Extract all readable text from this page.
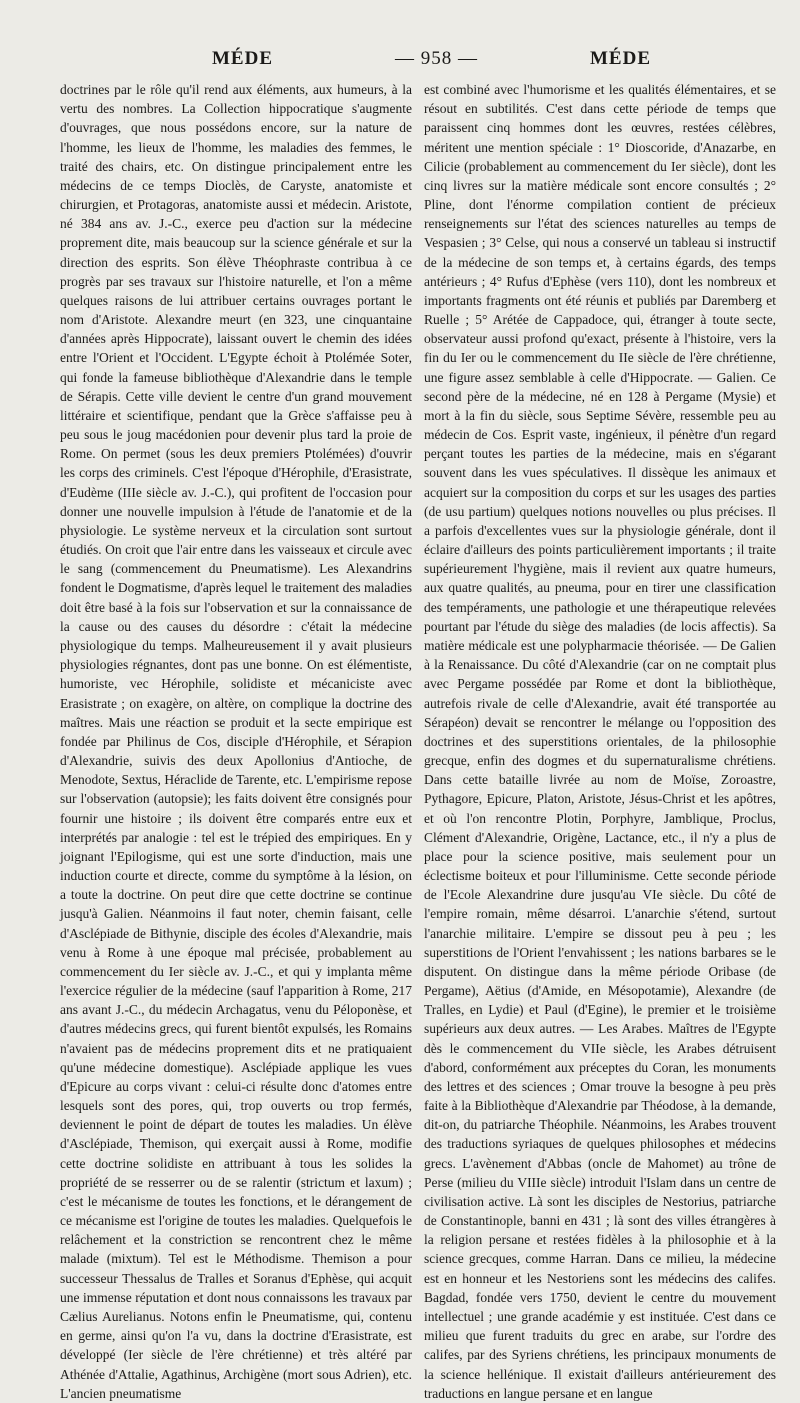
MÉDE	— 958 —	MÉDE

doctrines par le rôle qu'il rend aux éléments, aux humeurs, à la vertu des nombres. La Collection hippocratique s'augmente d'ouvrages, que nous possédons encore, sur la nature de l'homme, les lieux de l'homme, les maladies des femmes, le traité des chairs, etc. On distingue principalement entre les médecins de ce temps Dioclès, de Caryste, anatomiste et chirurgien, et Protagoras, anatomiste aussi et médecin. Aristote, né 384 ans av. J.-C., exerce peu d'action sur la médecine proprement dite, mais beaucoup sur la science générale et sur la direction des esprits. Son élève Théophraste contribua à ce progrès par ses travaux sur l'histoire naturelle, et l'on a même quelques raisons de lui attribuer certains ouvrages portant le nom d'Aristote. Alexandre meurt (en 323, une cinquantaine d'années après Hippocrate), laissant ouvert le chemin des idées entre l'Orient et l'Occident. L'Egypte échoit à Ptolémée Soter, qui fonde la fameuse bibliothèque d'Alexandrie dans le temple de Sérapis. Cette ville devient le centre d'un grand mouvement littéraire et scientifique, pendant que la Grèce s'affaisse peu à peu sous le joug macédonien pour devenir plus tard la proie de Rome. On permet (sous les deux premiers Ptolémées) d'ouvrir les corps des criminels. C'est l'époque d'Hérophile, d'Erasistrate, d'Eudème (IIIe siècle av. J.-C.), qui profitent de l'occasion pour donner une nouvelle impulsion à l'étude de l'anatomie et de la physiologie. Le système nerveux et la circulation sont surtout étudiés. On croit que l'air entre dans les vaisseaux et circule avec le sang (commencement du Pneumatisme). Les Alexandrins fondent le Dogmatisme, d'après lequel le traitement des maladies doit être basé à la fois sur l'observation et sur la connaissance de la cause ou des causes du désordre : c'était la médecine physiologique du temps. Malheureusement il y avait plusieurs physiologies régnantes, dont pas une bonne. On est élémentiste, humoriste, vec Hérophile, solidiste et mécaniciste avec Erasistrate ; on exagère, on altère, on complique la doctrine des maîtres. Mais une réaction se produit et la secte empirique est fondée par Philinus de Cos, disciple d'Hérophile, et Sérapion d'Alexandrie, suivis des deux Apollonius d'Antioche, de Menodote, Sextus, Héraclide de Tarente, etc. L'empirisme repose sur l'observation (autopsie); les faits doivent être consignés pour fournir une histoire ; ils doivent être comparés entre eux et interprétés par analogie : tel est le trépied des empiriques. En y joignant l'Epilogisme, qui est une sorte d'induction, mais une induction courte et directe, comme du symptôme à la lésion, on a toute la doctrine. On peut dire que cette doctrine se continue jusqu'à Galien. Néanmoins il faut noter, chemin faisant, celle d'Asclépiade de Bithynie, disciple des écoles d'Alexandrie, mais venu à Rome à une époque mal précisée, probablement au commencement du Ier siècle av. J.-C., et qui y implanta même l'exercice régulier de la médecine (sauf l'apparition à Rome, 217 ans avant J.-C., du médecin Archagatus, venu du Péloponèse, et d'autres médecins grecs, qui furent bientôt expulsés, les Romains n'avaient pas de médecins proprement dits et ne pratiquaient qu'une médecine domestique). Asclépiade applique les vues d'Epicure au corps vivant : celui-ci résulte donc d'atomes entre lesquels sont des pores, qui, trop ouverts ou trop fermés, deviennent le point de départ de toutes les maladies. Un élève d'Asclépiade, Themison, qui exerçait aussi à Rome, modifie cette doctrine solidiste en attribuant à tous les solides la propriété de se resserrer ou de se ralentir (strictum et laxum) ; c'est le mécanisme de toutes les fonctions, et le dérangement de ce mécanisme est l'origine de toutes les maladies. Quelquefois le relâchement et la constriction se rencontrent chez le même malade (mixtum). Tel est le Méthodisme. Themison a pour successeur Thessalus de Tralles et Soranus d'Ephèse, qui acquit une immense réputation et dont nous connaissons les travaux par Cælius Aurelianus. Notons enfin le Pneumatisme, qui, contenu en germe, ainsi qu'on l'a vu, dans la doctrine d'Erasistrate, est développé (Ier siècle de l'ère chrétienne) et très altéré par Athénée d'Attalie, Agathinus, Archigène (mort sous Adrien), etc. L'ancien pneumatisme

est combiné avec l'humorisme et les qualités élémentaires, et se résout en subtilités. C'est dans cette période de temps que paraissent cinq hommes dont les œuvres, restées célèbres, méritent une mention spéciale : 1° Dioscoride, d'Anazarbe, en Cilicie (probablement au commencement du Ier siècle), dont les cinq livres sur la matière médicale sont encore consultés ; 2° Pline, dont l'énorme compilation contient de précieux renseignements sur l'état des sciences naturelles au temps de Vespasien ; 3° Celse, qui nous a conservé un tableau si instructif de la médecine de son temps et, à certains égards, des temps antérieurs ; 4° Rufus d'Ephèse (vers 110), dont les nombreux et importants fragments ont été réunis et publiés par Daremberg et Ruelle ; 5° Arétée de Cappadoce, qui, étranger à toute secte, observateur aussi profond qu'exact, présente à l'histoire, vers la fin du Ier ou le commencement du IIe siècle de l'ère chrétienne, une figure assez semblable à celle d'Hippocrate. — Galien. Ce second père de la médecine, né en 128 à Pergame (Mysie) et mort à la fin du siècle, sous Septime Sévère, ressemble peu au médecin de Cos. Esprit vaste, ingénieux, il pénètre d'un regard perçant toutes les parties de la médecine, mais en s'égarant souvent dans les vues spéculatives. Il dissèque les animaux et acquiert sur la composition du corps et sur les usages des parties (de usu partium) quelques notions nouvelles ou plus précises. Il a parfois d'excellentes vues sur la physiologie générale, dont il éclaire d'ailleurs des points particulièrement importants ; il traite supérieurement l'hygiène, mais il revient aux quatre humeurs, aux quatre qualités, au pneuma, pour en tirer une classification des tempéraments, une pathologie et une thérapeutique relevées pourtant par l'étude du siège des maladies (de locis affectis). Sa matière médicale est une polypharmacie théorisée. — De Galien à la Renaissance. Du côté d'Alexandrie (car on ne comptait plus avec Pergame possédée par Rome et dont la bibliothèque, autrefois rivale de celle d'Alexandrie, avait été transportée au Sérapéon) devait se rencontrer le mélange ou l'opposition des doctrines et des superstitions orientales, de la philosophie grecque, enfin des dogmes et du supernaturalisme chrétiens. Dans cette bataille livrée au nom de Moïse, Zoroastre, Pythagore, Epicure, Platon, Aristote, Jésus-Christ et les apôtres, et où l'on rencontre Plotin, Porphyre, Jamblique, Proclus, Clément d'Alexandrie, Origène, Lactance, etc., il n'y a plus de place pour la science positive, mais seulement pour un éclectisme boiteux et pour l'illuminisme. Cette seconde période de l'Ecole Alexandrine dure jusqu'au VIe siècle. Du côté de l'empire romain, même désarroi. L'anarchie s'étend, surtout l'anarchie militaire. L'empire se dissout peu à peu ; les superstitions de l'Orient l'envahissent ; les nations barbares se le disputent. On distingue dans la même période Oribase (de Pergame), Aëtius (d'Amide, en Mésopotamie), Alexandre (de Tralles, en Lydie) et Paul (d'Egine), le premier et le troisième supérieurs aux deux autres. — Les Arabes. Maîtres de l'Egypte dès le commencement du VIIe siècle, les Arabes détruisent d'abord, conformément aux préceptes du Coran, les monuments des lettres et des sciences ; Omar trouve la besogne à peu près faite à la Bibliothèque d'Alexandrie par Théodose, à la demande, dit-on, du patriarche Théophile. Néanmoins, les Arabes trouvent des traductions syriaques de quelques philosophes et médecins grecs. L'avènement d'Abbas (oncle de Mahomet) au trône de Perse (milieu du VIIIe siècle) introduit l'Islam dans un centre de civilisation active. Là sont les disciples de Nestorius, patriarche de Constantinople, banni en 431 ; là sont des villes étrangères à la religion persane et restées fidèles à la philosophie et à la science grecques, comme Harran. Dans ce milieu, la médecine est en honneur et les Nestoriens sont les médecins des califes. Bagdad, fondée vers 1750, devient le centre du mouvement intellectuel ; une grande académie y est instituée. C'est dans ce milieu que furent traduits du grec en arabe, sur l'ordre des califes, par des Syriens chrétiens, les principaux monuments de la science hellénique. Il existait d'ailleurs antérieurement des traductions en langue persane et en langue
